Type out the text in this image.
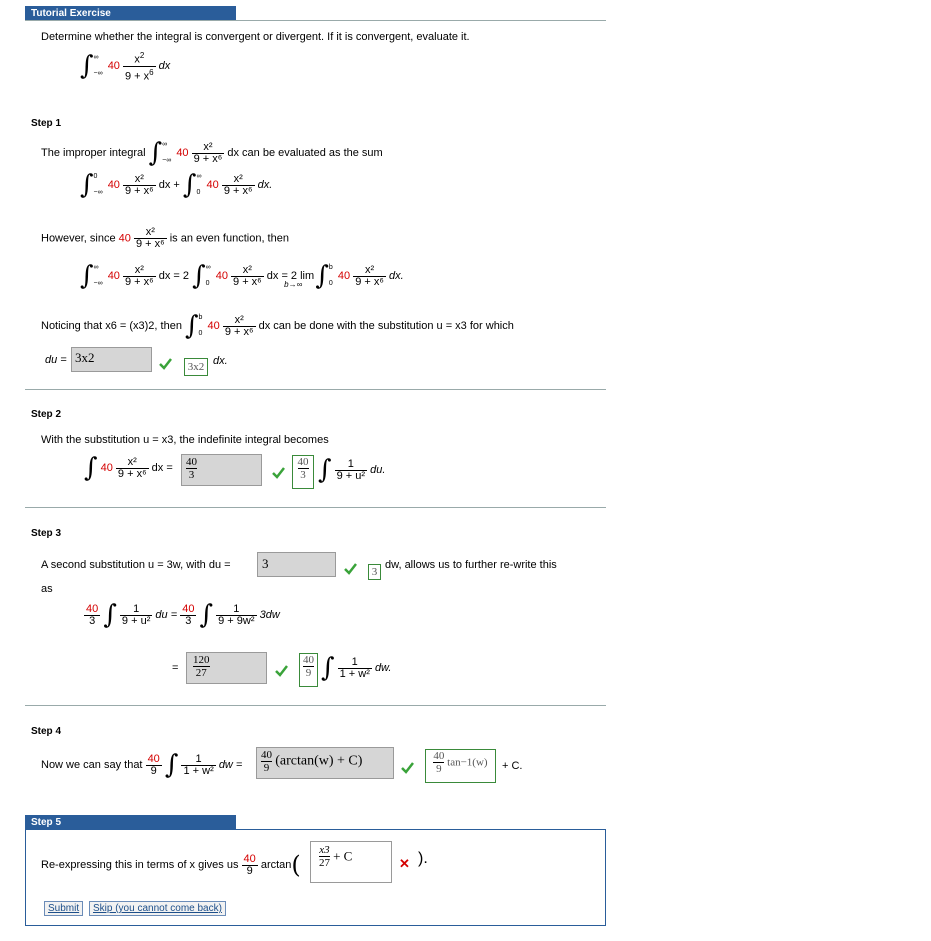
Tutorial Exercise
Determine whether the integral is convergent or divergent. If it is convergent, evaluate it.
∫∞

−∞ $40 \frac{x^2}{9 + x^6}$ dx
Step 1
The improper integral ∫∞

−∞ $40 \frac{\text{x²}}{\text{9 + x⁶}}$ dx can be evaluated as the sum
∫0

−∞ $40 \frac{\text{x²}}{\text{9 + x⁶}}$ dx + ∫∞

0 $40 \frac{\text{x²}}{\text{9 + x⁶}}$ dx.
However, since $40 \frac{\text{x²}}{\text{9 + x⁶}}$ is an even function, then
∫∞

−∞ $40 \frac{\text{x²}}{\text{9 + x⁶}}$ dx = 2 ∫∞

0 $40 \frac{\text{x²}}{\text{9 + x⁶}}$ dx = 2 $\lim_{b\to\infty} \int b$

0 $40 \frac{\text{x²}}{\text{9 + x⁶}}$ dx.
Noticing that x6 = (x3)2, then ∫b

0 $40 \frac{\text{x²}}{\text{9 + x⁶}}$ dx can be done with the substitution u = x3 for which
du = 3x2
3x2 dx.
Step 2
With the substitution u = x3, the indefinite integral becomes
∫ $40 \frac{\text{x²}}{\text{9 + x⁶}}$ dx = $\frac{40}{3}$	$\frac{40}{3}$ ∫ $\frac{1}{\text{9 + u²}}$ du.
Step 3
A second substitution u = 3w, with du =	3
3
dw, allows us to further re-write this
as
$\frac{40}{3}$ ∫ $\frac{1}{\text{9 + u²}}$ du = $\frac{40}{3}$ ∫ $\frac{1}{\text{9 + 9w²}} 3dw$
= $\frac{120}{27}$	$\frac{40}{9}$ ∫ $\frac{1}{\text{1 + w²}}$ dw.
Step 4
Now we can say that $\frac{40}{9}$ ∫ $\frac{1}{\text{1 + w²}}$ dw = $\frac{40}{9} (\arctan(w) + C)$	$\frac{40}{9} \tan-1(w)$	+ C.
Step 5
Re-expressing this in terms of x gives us $\frac{40}{9} \arctan( \frac{x3}{27} + C$	✕ ).
Submit	Skip (you cannot come back)
